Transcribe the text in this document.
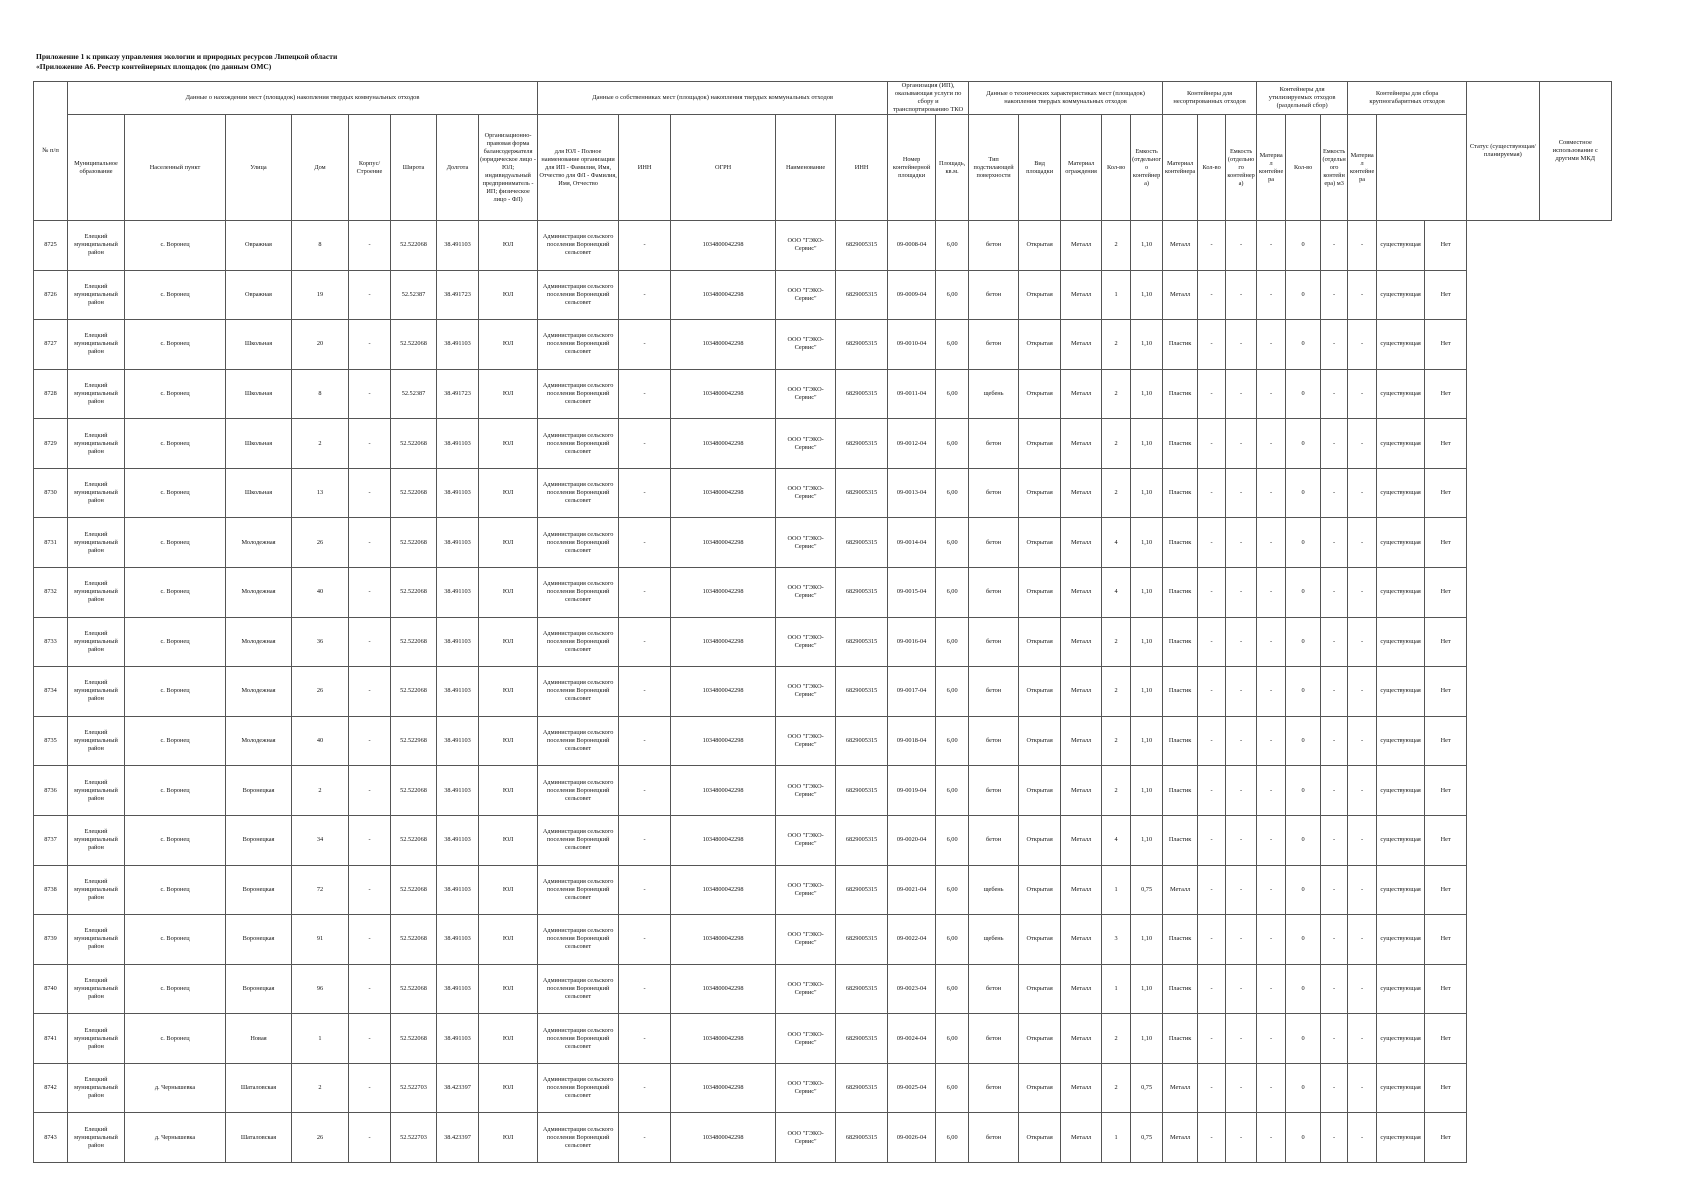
Приложение 1 к приказу управления экологии и природных ресурсов Липецкой области
«Приложение А6. Реестр контейнерных площадок (по данным ОМС)
№ п/п	Данные о нахождении мест (площадок) накопления твердых коммунальных отходов								Данные о собственниках мест (площадок) накопления твердых коммунальных отходов					Организация (ИП), оказывающая услуги по сбору и транспортированию ТКО		Данные о технических характеристиках мест (площадок) накопления твердых коммунальных отходов					Контейнеры для несортированных отходов			Контейнеры для утилизируемых отходов (раздельный сбор)			Контейнеры для сбора крупногабаритных отходов			Статус (существующая/ планируемая)	Совместное использование с другими МКД
	Муниципальное образование	Населенный пункт	Улица	Дом	Корпус/Строение	Широта	Долгота	Организационно-правовая форма балансодержателя (юридическое лицо - ЮЛ; индивидуальный предприниматель - ИП; физическое лицо - ФЛ)	для ЮЛ - Полное наименование организации для ИП - Фамилия, Имя, Отчество для ФЛ - Фамилия, Имя, Отчество	ИНН	ОГРН	Наименование	ИНН	Номер контейнерной площадки	Площадь, кв.м.	Тип подстилающей поверхности	Вид площадки	Материал ограждения	Кол-во	Емкость (отдельного контейнера)	Материал контейнера	Кол-во	Емкость (отдельного контейнера)	Материал контейнера	Кол-во	Емкость (отдельного контейнера) м3	Материал контейнера				
8725	Елецкий муниципальный район	с. Воронец	Овражная	8	-	52.522068	38.491103	ЮЛ	Администрация сельского поселения Воронецкий сельсовет	-	1034800042298	ООО "ГЭКО-Сервис"	6829005315	09-0008-04	6,00	бетон	Открытая	Металл	2	1,10	Металл	-	-	-	0	-	-	существующая	Нет		
8726	Елецкий муниципальный район	с. Воронец	Овражная	19	-	52.52387	38.491723	ЮЛ	Администрация сельского поселения Воронецкий сельсовет	-	1034800042298	ООО "ГЭКО-Сервис"	6829005315	09-0009-04	6,00	бетон	Открытая	Металл	1	1,10	Металл	-	-	-	0	-	-	существующая	Нет		
8727	Елецкий муниципальный район	с. Воронец	Школьная	20	-	52.522068	38.491103	ЮЛ	Администрация сельского поселения Воронецкий сельсовет	-	1034800042298	ООО "ГЭКО-Сервис"	6829005315	09-0010-04	6,00	бетон	Открытая	Металл	2	1,10	Пластик	-	-	-	0	-	-	существующая	Нет		
8728	Елецкий муниципальный район	с. Воронец	Школьная	8	-	52.52387	38.491723	ЮЛ	Администрация сельского поселения Воронецкий сельсовет	-	1034800042298	ООО "ГЭКО-Сервис"	6829005315	09-0011-04	6,00	щебень	Открытая	Металл	2	1,10	Пластик	-	-	-	0	-	-	существующая	Нет		
8729	Елецкий муниципальный район	с. Воронец	Школьная	2	-	52.522068	38.491103	ЮЛ	Администрация сельского поселения Воронецкий сельсовет	-	1034800042298	ООО "ГЭКО-Сервис"	6829005315	09-0012-04	6,00	бетон	Открытая	Металл	2	1,10	Пластик	-	-	-	0	-	-	существующая	Нет		
8730	Елецкий муниципальный район	с. Воронец	Школьная	13	-	52.522068	38.491103	ЮЛ	Администрация сельского поселения Воронецкий сельсовет	-	1034800042298	ООО "ГЭКО-Сервис"	6829005315	09-0013-04	6,00	бетон	Открытая	Металл	2	1,10	Пластик	-	-	-	0	-	-	существующая	Нет		
8731	Елецкий муниципальный район	с. Воронец	Молодежная	26	-	52.522068	38.491103	ЮЛ	Администрация сельского поселения Воронецкий сельсовет	-	1034800042298	ООО "ГЭКО-Сервис"	6829005315	09-0014-04	6,00	бетон	Открытая	Металл	4	1,10	Пластик	-	-	-	0	-	-	существующая	Нет		
8732	Елецкий муниципальный район	с. Воронец	Молодежная	40	-	52.522068	38.491103	ЮЛ	Администрация сельского поселения Воронецкий сельсовет	-	1034800042298	ООО "ГЭКО-Сервис"	6829005315	09-0015-04	6,00	бетон	Открытая	Металл	4	1,10	Пластик	-	-	-	0	-	-	существующая	Нет		
8733	Елецкий муниципальный район	с. Воронец	Молодежная	36	-	52.522068	38.491103	ЮЛ	Администрация сельского поселения Воронецкий сельсовет	-	1034800042298	ООО "ГЭКО-Сервис"	6829005315	09-0016-04	6,00	бетон	Открытая	Металл	2	1,10	Пластик	-	-	-	0	-	-	существующая	Нет		
8734	Елецкий муниципальный район	с. Воронец	Молодежная	26	-	52.522068	38.491103	ЮЛ	Администрация сельского поселения Воронецкий сельсовет	-	1034800042298	ООО "ГЭКО-Сервис"	6829005315	09-0017-04	6,00	бетон	Открытая	Металл	2	1,10	Пластик	-	-	-	0	-	-	существующая	Нет		
8735	Елецкий муниципальный район	с. Воронец	Молодежная	40	-	52.522968	38.491103	ЮЛ	Администрация сельского поселения Воронецкий сельсовет	-	1034800042298	ООО "ГЭКО-Сервис"	6829005315	09-0018-04	6,00	бетон	Открытая	Металл	2	1,10	Пластик	-	-	-	0	-	-	существующая	Нет		
8736	Елецкий муниципальный район	с. Воронец	Воронецкая	2	-	52.522068	38.491103	ЮЛ	Администрация сельского поселения Воронецкий сельсовет	-	1034800042298	ООО "ГЭКО-Сервис"	6829005315	09-0019-04	6,00	бетон	Открытая	Металл	2	1,10	Пластик	-	-	-	0	-	-	существующая	Нет		
8737	Елецкий муниципальный район	с. Воронец	Воронецкая	34	-	52.522068	38.491103	ЮЛ	Администрация сельского поселения Воронецкий сельсовет	-	1034800042298	ООО "ГЭКО-Сервис"	6829005315	09-0020-04	6,00	бетон	Открытая	Металл	4	1,10	Пластик	-	-	-	0	-	-	существующая	Нет		
8738	Елецкий муниципальный район	с. Воронец	Воронецкая	72	-	52.522068	38.491103	ЮЛ	Администрация сельского поселения Воронецкий сельсовет	-	1034800042298	ООО "ГЭКО-Сервис"	6829005315	09-0021-04	6,00	щебень	Открытая	Металл	1	0,75	Металл	-	-	-	0	-	-	существующая	Нет		
8739	Елецкий муниципальный район	с. Воронец	Воронецкая	91	-	52.522068	38.491103	ЮЛ	Администрация сельского поселения Воронецкий сельсовет	-	1034800042298	ООО "ГЭКО-Сервис"	6829005315	09-0022-04	6,00	щебень	Открытая	Металл	3	1,10	Пластик	-	-	-	0	-	-	существующая	Нет		
8740	Елецкий муниципальный район	с. Воронец	Воронецкая	96	-	52.522068	38.491103	ЮЛ	Администрация сельского поселения Воронецкий сельсовет	-	1034800042298	ООО "ГЭКО-Сервис"	6829005315	09-0023-04	6,00	бетон	Открытая	Металл	1	1,10	Пластик	-	-	-	0	-	-	существующая	Нет		
8741	Елецкий муниципальный район	с. Воронец	Новая	1	-	52.522068	38.491103	ЮЛ	Администрация сельского поселения Воронецкий сельсовет	-	1034800042298	ООО "ГЭКО-Сервис"	6829005315	09-0024-04	6,00	бетон	Открытая	Металл	2	1,10	Пластик	-	-	-	0	-	-	существующая	Нет		
8742	Елецкий муниципальный район	д. Чернышевка	Шаталовская	2	-	52.522703	38.423397	ЮЛ	Администрация сельского поселения Воронецкий сельсовет	-	1034800042298	ООО "ГЭКО-Сервис"	6829005315	09-0025-04	6,00	бетон	Открытая	Металл	2	0,75	Металл	-	-	-	0	-	-	существующая	Нет		
8743	Елецкий муниципальный район	д. Чернышевка	Шаталовская	26	-	52.522703	38.423397	ЮЛ	Администрация сельского поселения Воронецкий сельсовет	-	1034800042298	ООО "ГЭКО-Сервис"	6829005315	09-0026-04	6,00	бетон	Открытая	Металл	1	0,75	Металл	-	-	-	0	-	-	существующая	Нет		
